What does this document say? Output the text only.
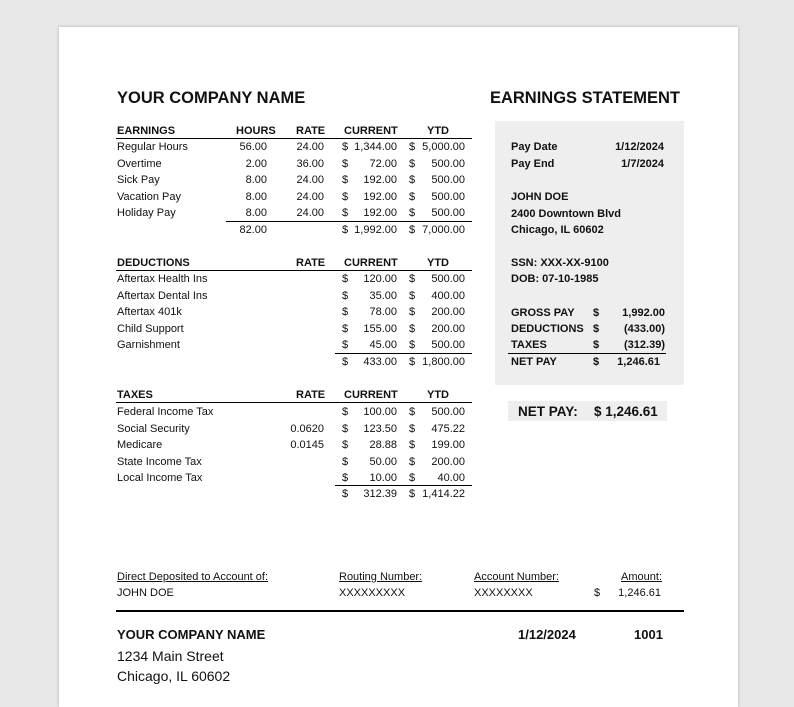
YOUR COMPANY NAME	EARNINGS STATEMENT
EARNINGS	HOURS RATE CURRENT	YTD
Regular Hours	56.00	24.00 $ 1,344.00 $ 5,000.00
Overtime	2.00	36.00 $	72.00 $	500.00
Sick Pay	8.00	24.00 $	192.00 $	500.00
Vacation Pay	8.00	24.00 $	192.00 $	500.00
Holiday Pay	8.00	24.00 $	192.00 $	500.00
82.00	$ 1,992.00 $ 7,000.00
DEDUCTIONS	RATE CURRENT	YTD
Aftertax Health Ins	$	120.00 $	500.00
Aftertax Dental Ins	$	35.00 $	400.00
Aftertax 401k	$	78.00 $	200.00
Child Support	$	155.00 $	200.00
Garnishment	$	45.00 $	500.00
$	433.00 $ 1,800.00
TAXES	RATE CURRENT	YTD
Federal Income Tax	$	100.00 $	500.00
Social Security	0.0620 $	123.50 $	475.22
Medicare	0.0145 $	28.88 $	199.00
State Income Tax	$	50.00 $	200.00
Local Income Tax	$	10.00 $	40.00
$	312.39 $ 1,414.22
Pay Date	1/12/2024
Pay End	1/7/2024
JOHN DOE
2400 Downtown Blvd
Chicago, IL 60602
SSN: XXX-XX-9100
DOB: 07-10-1985
GROSS PAY $	1,992.00
DEDUCTIONS $	(433.00)
TAXES	$	(312.39)
NET PAY	$	1,246.61
NET PAY: $ 1,246.61
Direct Deposited to Account of:	Routing Number:	Account Number:	Amount:
JOHN DOE	XXXXXXXXX	XXXXXXXX	$	1,246.61
YOUR COMPANY NAME	1/12/2024	1001
1234 Main Street
Chicago, IL 60602
